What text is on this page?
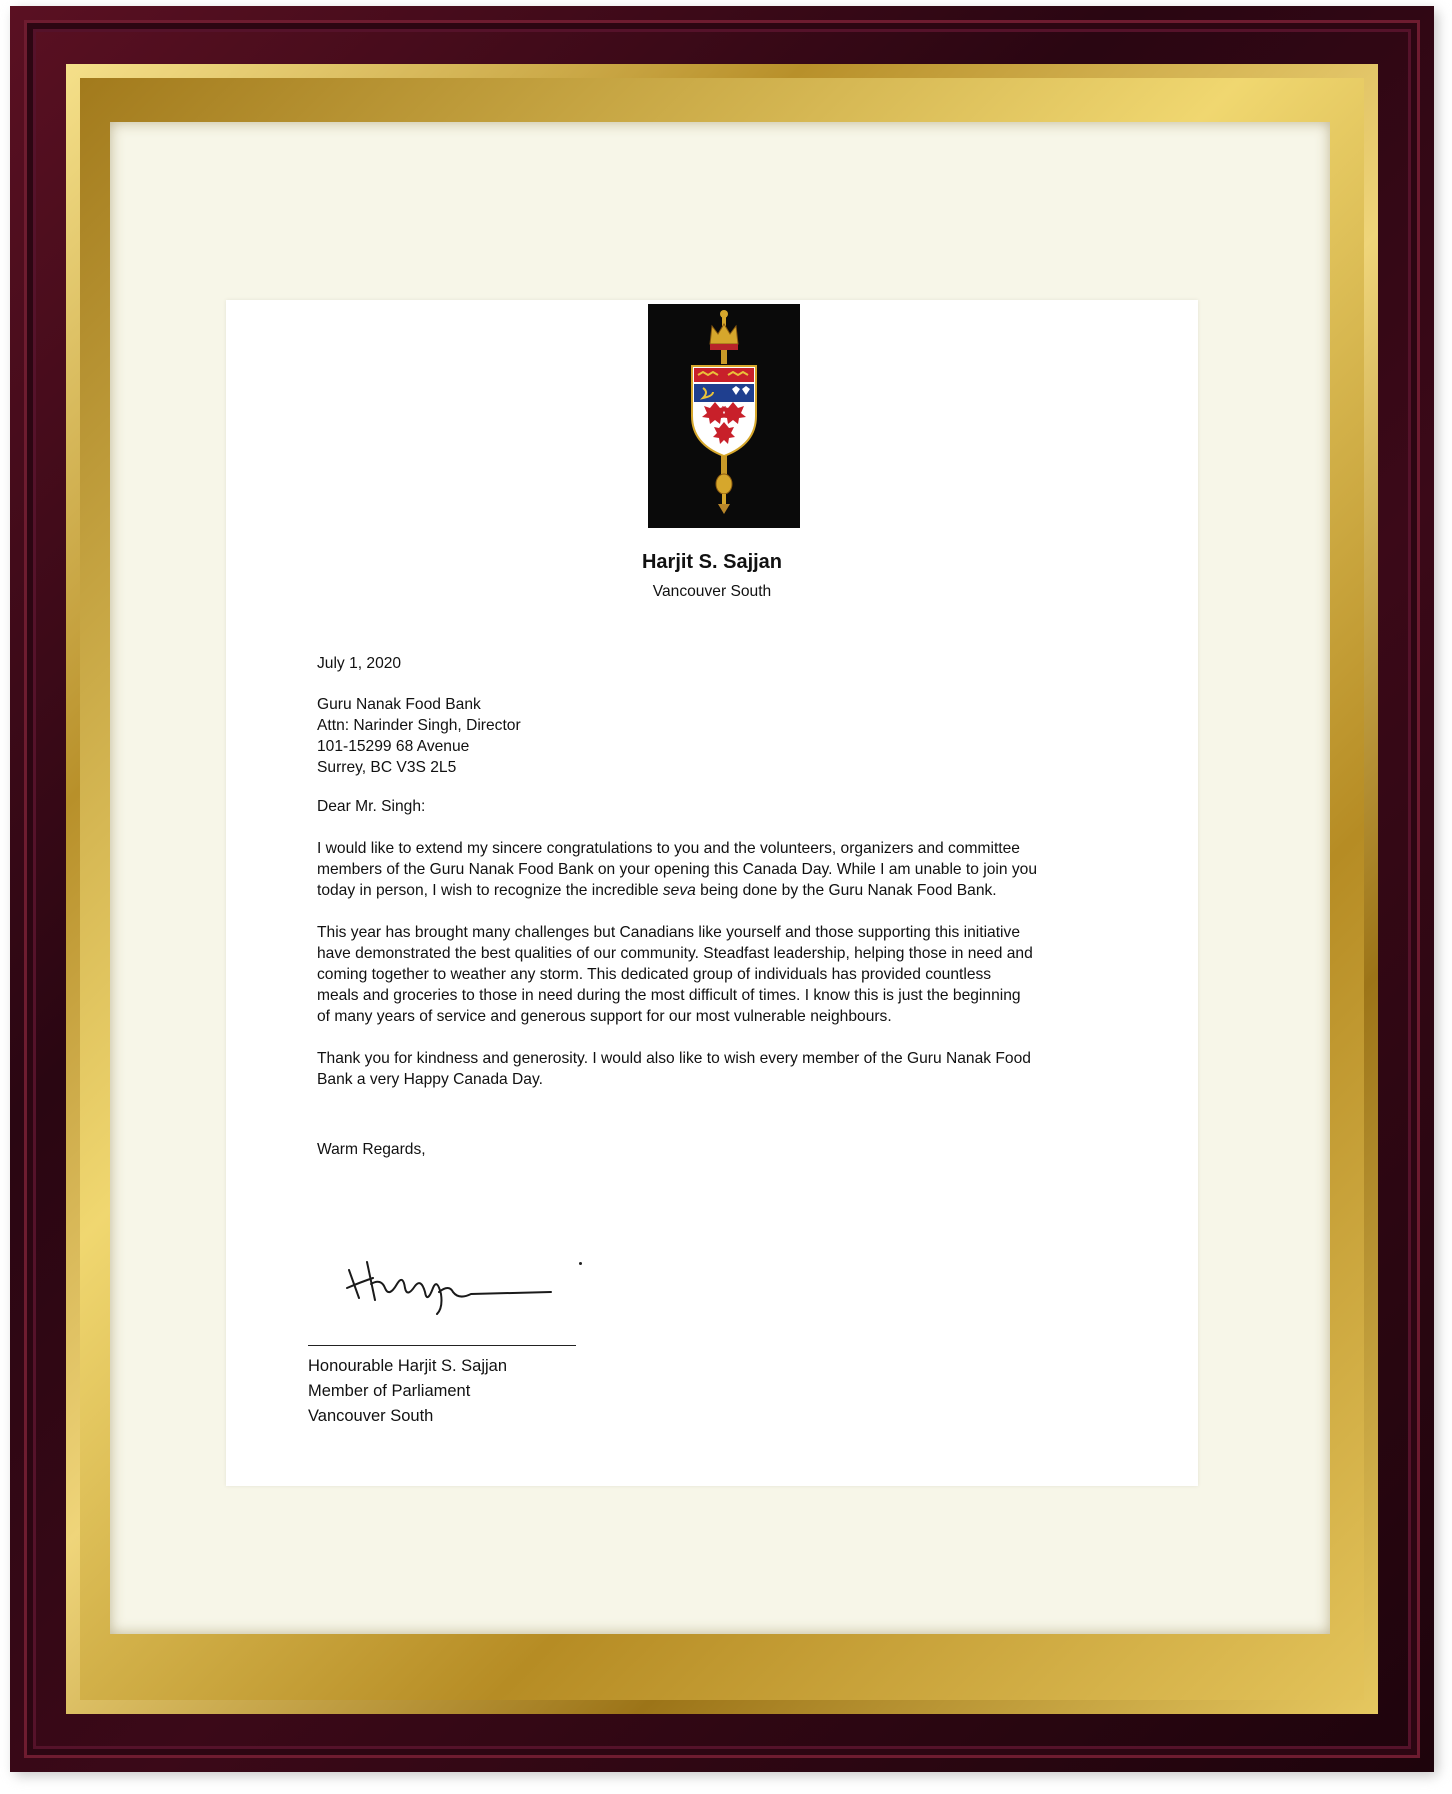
Harjit S. Sajjan
Vancouver South
July 1, 2020
Guru Nanak Food Bank
Attn: Narinder Singh, Director
101-15299 68 Avenue
Surrey, BC V3S 2L5
Dear Mr. Singh:
I would like to extend my sincere congratulations to you and the volunteers, organizers and committee
members of the Guru Nanak Food Bank on your opening this Canada Day. While I am unable to join you
today in person, I wish to recognize the incredible seva being done by the Guru Nanak Food Bank.
This year has brought many challenges but Canadians like yourself and those supporting this initiative
have demonstrated the best qualities of our community. Steadfast leadership, helping those in need and
coming together to weather any storm. This dedicated group of individuals has provided countless
meals and groceries to those in need during the most difficult of times. I know this is just the beginning
of many years of service and generous support for our most vulnerable neighbours.
Thank you for kindness and generosity. I would also like to wish every member of the Guru Nanak Food
Bank a very Happy Canada Day.
Warm Regards,
Honourable Harjit S. Sajjan
Member of Parliament
Vancouver South
